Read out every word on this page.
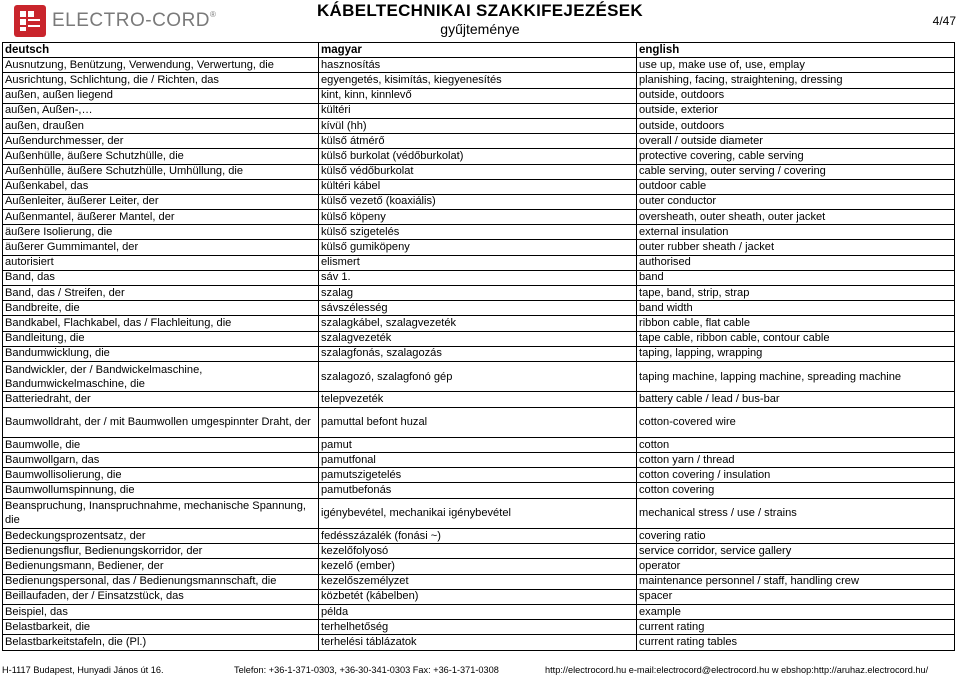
ELECTRO-CORD®	KÁBELTECHNIKAI SZAKKIFEJEZÉSEK
gyűjteménye	4/47
deutsch	magyar	english
Ausnutzung, Benützung, Verwendung, Verwertung, die	hasznosítás	use up, make use of, use, emplay
Ausrichtung, Schlichtung, die / Richten, das	egyengetés, kisimítás, kiegyenesítés	planishing, facing, straightening, dressing
außen, außen liegend	kint, kinn, kinnlevő	outside, outdoors
außen, Außen-,…	kültéri	outside, exterior
außen, draußen	kívül (hh)	outside, outdoors
Außendurchmesser, der	külső átmérő	overall / outside diameter
Außenhülle, äußere Schutzhülle, die	külső burkolat (védőburkolat)	protective covering, cable serving
Außenhülle, äußere Schutzhülle, Umhüllung, die	külső védőburkolat	cable serving, outer serving / covering
Außenkabel, das	kültéri kábel	outdoor cable
Außenleiter, äußerer Leiter, der	külső vezető (koaxiális)	outer conductor
Außenmantel, äußerer Mantel, der	külső köpeny	oversheath, outer sheath, outer jacket
äußere Isolierung, die	külső szigetelés	external insulation
äußerer Gummimantel, der	külső gumiköpeny	outer rubber sheath / jacket
autorisiert	elismert	authorised
Band, das	sáv 1.	band
Band, das / Streifen, der	szalag	tape, band, strip, strap
Bandbreite, die	sávszélesség	band width
Bandkabel, Flachkabel, das / Flachleitung, die	szalagkábel, szalagvezeték	ribbon cable, flat cable
Bandleitung, die	szalagvezeték	tape cable, ribbon cable, contour cable
Bandumwicklung, die	szalagfonás, szalagozás	taping, lapping, wrapping
Bandwickler, der / Bandwickelmaschine, Bandumwickelmaschine, die	szalagozó, szalagfonó gép	taping machine, lapping machine, spreading machine
Batteriedraht, der	telepvezeték	battery cable / lead / bus-bar
Baumwolldraht, der / mit Baumwollen umgespinnter Draht, der	pamuttal befont huzal	cotton-covered wire
Baumwolle, die	pamut	cotton
Baumwollgarn, das	pamutfonal	cotton yarn / thread
Baumwollisolierung, die	pamutszigetelés	cotton covering / insulation
Baumwollumspinnung, die	pamutbefonás	cotton covering
Beanspruchung, Inanspruchnahme, mechanische Spannung, die	igénybevétel, mechanikai igénybevétel	mechanical stress / use / strains
Bedeckungsprozentsatz, der	fedésszázalék (fonási ~)	covering ratio
Bedienungsflur, Bedienungskorridor, der	kezelőfolyosó	service corridor, service gallery
Bedienungsmann, Bediener, der	kezelő (ember)	operator
Bedienungspersonal, das / Bedienungsmannschaft, die	kezelőszemélyzet	maintenance personnel / staff, handling crew
Beillaufaden, der / Einsatzstück, das	közbetét (kábelben)	spacer
Beispiel, das	példa	example
Belastbarkeit, die	terhelhetőség	current rating
Belastbarkeitstafeln, die (Pl.)	terhelési táblázatok	current rating tables
H-1117 Budapest, Hunyadi János út 16.	Telefon: +36-1-371-0303, +36-30-341-0303 Fax: +36-1-371-0308	http://electrocord.hu e-mail:electrocord@electrocord.hu w ebshop:http://aruhaz.electrocord.hu/
